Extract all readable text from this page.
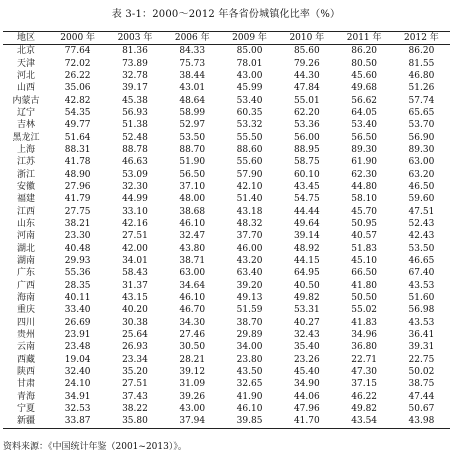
表 3-1：2000～2012 年各省份城镇化比率（%）
地区	2000 年	2003 年	2006 年	2009 年	2010 年	2011 年	2012 年
北京	77.64	81.36	84.33	85.00	85.60	86.20	86.20
天津	72.02	73.89	75.73	78.01	79.26	80.50	81.55
河北	26.22	32.78	38.44	43.00	44.30	45.60	46.80
山西	35.06	39.17	43.01	45.99	47.84	49.68	51.26
内蒙古	42.82	45.38	48.64	53.40	55.01	56.62	57.74
辽宁	54.35	56.93	58.99	60.35	62.20	64.05	65.65
吉林	49.77	51.38	52.97	53.32	53.36	53.40	53.70
黑龙江	51.64	52.48	53.50	55.50	56.00	56.50	56.90
上海	88.31	88.78	88.70	88.60	88.95	89.30	89.30
江苏	41.78	46.63	51.90	55.60	58.75	61.90	63.00
浙江	48.90	53.09	56.50	57.90	60.10	62.30	63.20
安徽	27.96	32.30	37.10	42.10	43.45	44.80	46.50
福建	41.79	44.99	48.00	51.40	54.75	58.10	59.60
江西	27.75	33.10	38.68	43.18	44.44	45.70	47.51
山东	38.21	42.16	46.10	48.32	49.64	50.95	52.43
河南	23.30	27.51	32.47	37.70	39.14	40.57	42.43
湖北	40.48	42.00	43.80	46.00	48.92	51.83	53.50
湖南	29.93	34.01	38.71	43.20	44.15	45.10	46.65
广东	55.36	58.43	63.00	63.40	64.95	66.50	67.40
广西	28.35	31.37	34.64	39.20	40.50	41.80	43.53
海南	40.11	43.15	46.10	49.13	49.82	50.50	51.60
重庆	33.40	40.20	46.70	51.59	53.31	55.02	56.98
四川	26.69	30.38	34.30	38.70	40.27	41.83	43.53
贵州	23.91	25.64	27.46	29.89	32.43	34.96	36.41
云南	23.48	26.93	30.50	34.00	35.40	36.80	39.31
西藏	19.04	23.34	28.21	23.80	23.26	22.71	22.75
陕西	32.40	35.20	39.12	43.50	45.40	47.30	50.02
甘肃	24.10	27.51	31.09	32.65	34.90	37.15	38.75
青海	34.91	37.43	39.26	41.90	44.06	46.22	47.44
宁夏	32.53	38.22	43.00	46.10	47.96	49.82	50.67
新疆	33.87	35.80	37.94	39.85	41.70	43.54	43.98
资料来源：《中国统计年鉴（2001~2013）》。
